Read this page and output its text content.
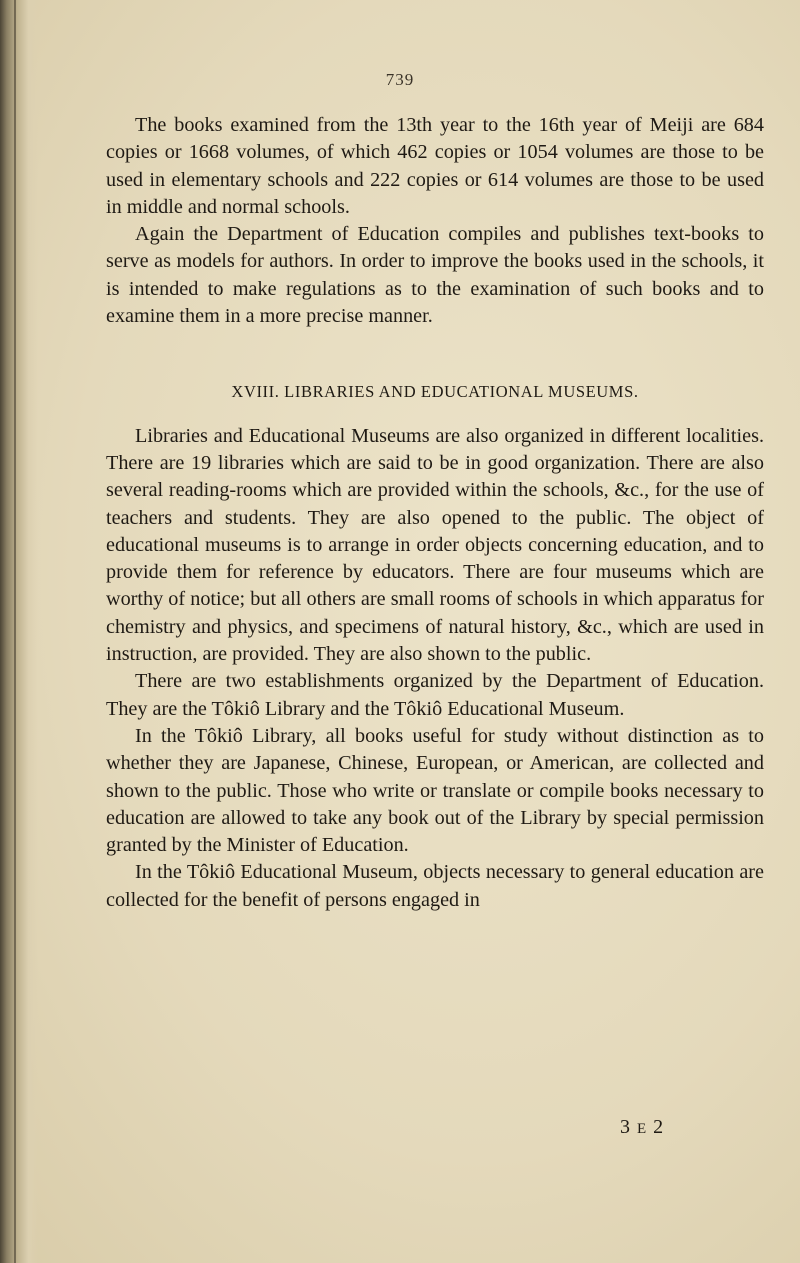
739

The books examined from the 13th year to the 16th year of Meiji are 684 copies or 1668 volumes, of which 462 copies or 1054 volumes are those to be used in elementary schools and 222 copies or 614 volumes are those to be used in middle and normal schools.

Again the Department of Education compiles and publishes text-books to serve as models for authors. In order to improve the books used in the schools, it is intended to make regulations as to the examination of such books and to examine them in a more precise manner.

XVIII. LIBRARIES AND EDUCATIONAL MUSEUMS.

Libraries and Educational Museums are also organized in different localities. There are 19 libraries which are said to be in good organization. There are also several reading-rooms which are provided within the schools, &c., for the use of teachers and students. They are also opened to the public. The object of educational museums is to arrange in order objects concerning education, and to provide them for reference by educators. There are four museums which are worthy of notice; but all others are small rooms of schools in which apparatus for chemistry and physics, and specimens of natural history, &c., which are used in instruction, are provided. They are also shown to the public.

There are two establishments organized by the Department of Education. They are the Tôkiô Library and the Tôkiô Educational Museum.

In the Tôkiô Library, all books useful for study without distinction as to whether they are Japanese, Chinese, European, or American, are collected and shown to the public. Those who write or translate or compile books necessary to education are allowed to take any book out of the Library by special permission granted by the Minister of Education.

In the Tôkiô Educational Museum, objects necessary to general education are collected for the benefit of persons engaged in

3 E 2
